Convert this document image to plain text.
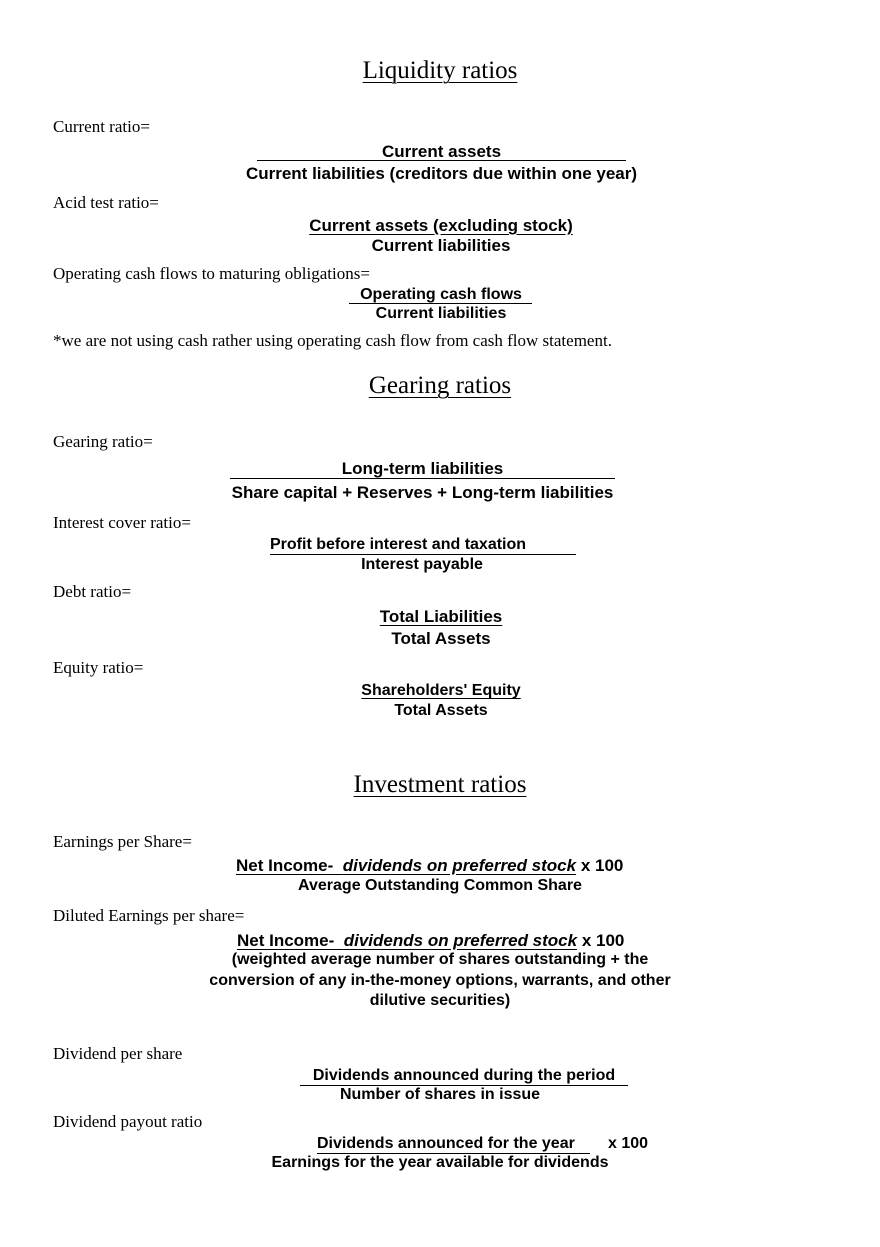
Liquidity ratios
Current ratio=
Current assets
Current liabilities (creditors due within one year)
Acid test ratio=
Current assets (excluding stock)
Current liabilities
Operating cash flows to maturing obligations=
Operating cash flows
Current liabilities
*we are not using cash rather using operating cash flow from cash flow statement.
Gearing ratios
Gearing ratio=
Long-term liabilities
Share capital + Reserves + Long-term liabilities
Interest cover ratio=
Profit before interest and taxation
Interest payable
Debt ratio=
Total Liabilities
Total Assets
Equity ratio=
Shareholders' Equity
Total Assets
Investment ratios
Earnings per Share=
Net Income-  dividends on preferred stock x 100
Average Outstanding Common Share
Diluted Earnings per share=
Net Income-  dividends on preferred stock x 100
(weighted average number of shares outstanding + the
conversion of any in-the-money options, warrants, and other
dilutive securities)
Dividend per share
Dividends announced during the period
Number of shares in issue
Dividend payout ratio
Dividends announced for the year x 100
Earnings for the year available for dividends
